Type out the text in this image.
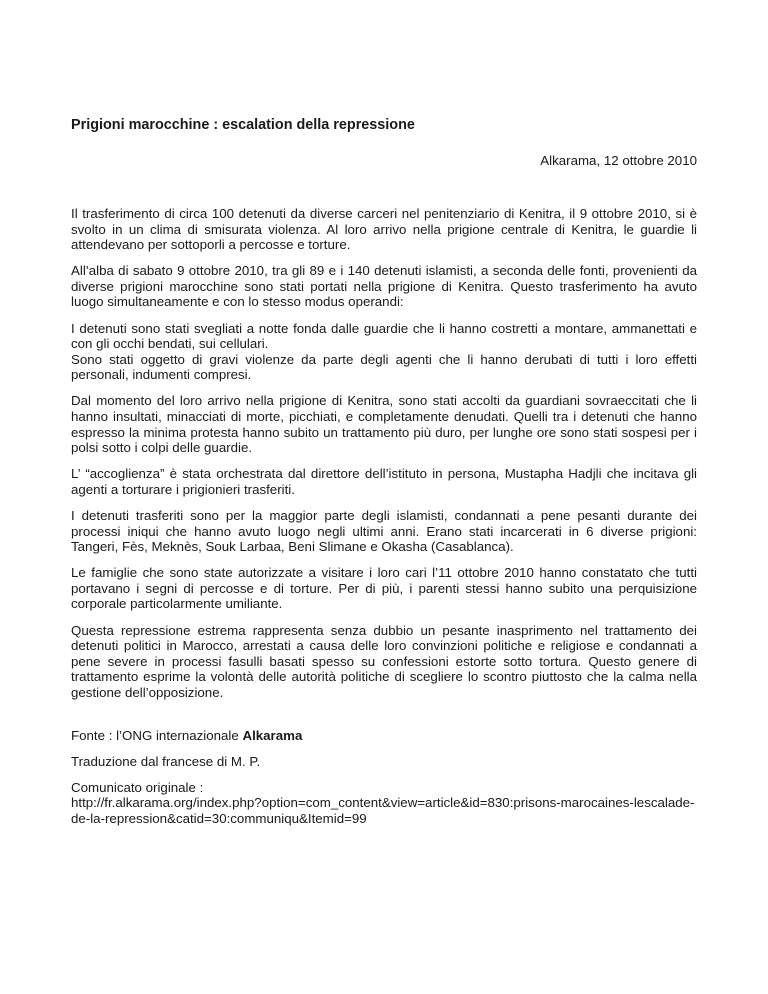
Prigioni marocchine : escalation della repressione
Alkarama, 12 ottobre 2010

Il trasferimento di circa 100 detenuti da diverse carceri nel penitenziario di Kenitra, il 9 ottobre 2010, si è svolto in un clima di smisurata violenza. Al loro arrivo nella prigione centrale di Kenitra, le guardie li attendevano per sottoporli a percosse e torture.

All’alba di sabato 9 ottobre 2010, tra gli 89 e i 140 detenuti islamisti, a seconda delle fonti, provenienti da diverse prigioni marocchine sono stati portati nella prigione di Kenitra. Questo trasferimento ha avuto luogo simultaneamente e con lo stesso modus operandi:

I detenuti sono stati svegliati a notte fonda dalle guardie che li hanno costretti a montare, ammanettati e con gli occhi bendati, sui cellulari.

Sono stati oggetto di gravi violenze da parte degli agenti che li hanno derubati di tutti i loro effetti personali, indumenti compresi.

Dal momento del loro arrivo nella prigione di Kenitra, sono stati accolti da guardiani sovraeccitati che li hanno insultati, minacciati di morte, picchiati, e completamente denudati. Quelli tra i detenuti che hanno espresso la minima protesta hanno subito un trattamento più duro, per lunghe ore sono stati sospesi per i polsi sotto i colpi delle guardie.

L’ “accoglienza” è stata orchestrata dal direttore dell’istituto in persona, Mustapha Hadjli che incitava gli agenti a torturare i prigionieri trasferiti.

I detenuti trasferiti sono per la maggior parte degli islamisti, condannati a pene pesanti durante dei processi iniqui che hanno avuto luogo negli ultimi anni. Erano stati incarcerati in 6 diverse prigioni: Tangeri, Fès, Meknès, Souk Larbaa, Beni Slimane e Okasha (Casablanca).

Le famiglie che sono state autorizzate a visitare i loro cari l’11 ottobre 2010 hanno constatato che tutti portavano i segni di percosse e di torture. Per di più, i parenti stessi hanno subito una perquisizione corporale particolarmente umiliante.

Questa repressione estrema rappresenta senza dubbio un pesante inasprimento nel trattamento dei detenuti politici in Marocco, arrestati a causa delle loro convinzioni politiche e religiose e condannati a pene severe in processi fasulli basati spesso su confessioni estorte sotto tortura. Questo genere di trattamento esprime la volontà delle autorità politiche di scegliere lo scontro piuttosto che la calma nella gestione dell’opposizione.

Fonte : l’ONG internazionale Alkarama

Traduzione dal francese di M. P.

Comunicato originale :

http://fr.alkarama.org/index.php?option=com_content&view=article&id=830:prisons-marocaines-lescalade-de-la-repression&catid=30:communiqu&Itemid=99
